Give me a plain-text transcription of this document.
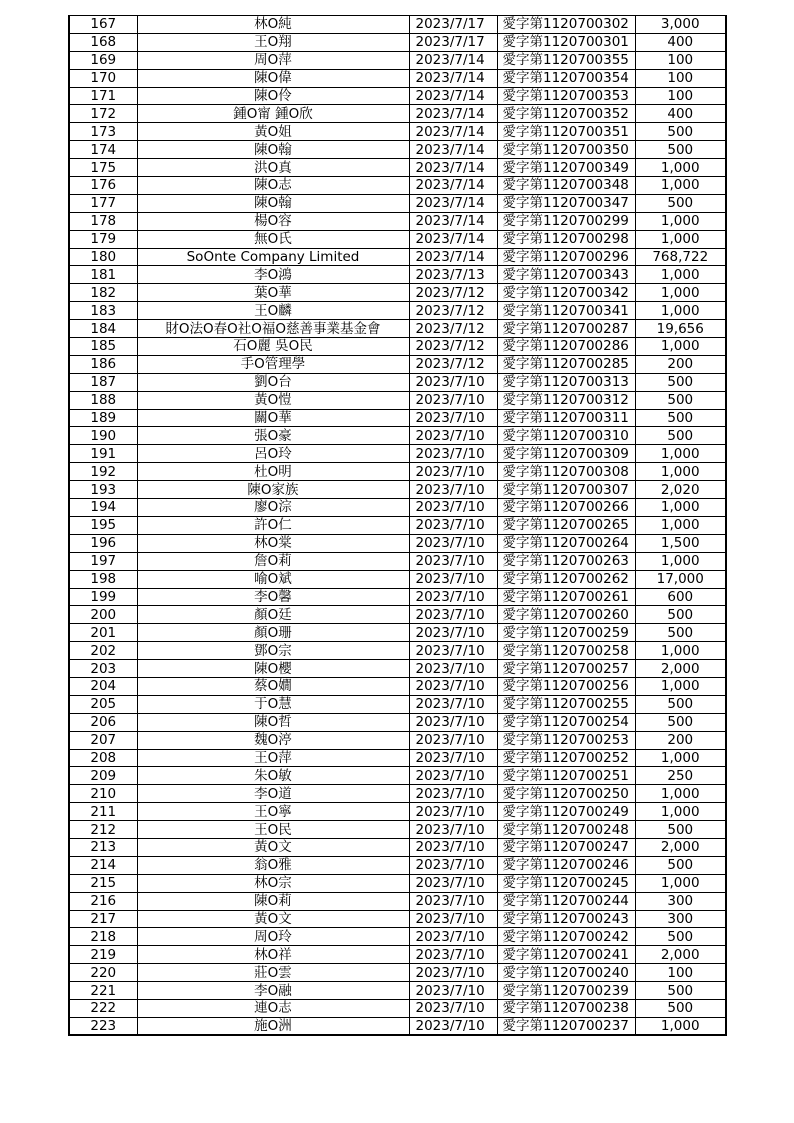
167	林O純	2023/7/17	愛字第1120700302	3,000
168	王O翔	2023/7/17	愛字第1120700301	400
169	周O萍	2023/7/14	愛字第1120700355	100
170	陳O偉	2023/7/14	愛字第1120700354	100
171	陳O伶	2023/7/14	愛字第1120700353	100
172	鍾O甯 鍾O欣	2023/7/14	愛字第1120700352	400
173	黃O姐	2023/7/14	愛字第1120700351	500
174	陳O翰	2023/7/14	愛字第1120700350	500
175	洪O真	2023/7/14	愛字第1120700349	1,000
176	陳O志	2023/7/14	愛字第1120700348	1,000
177	陳O翰	2023/7/14	愛字第1120700347	500
178	楊O容	2023/7/14	愛字第1120700299	1,000
179	無O氏	2023/7/14	愛字第1120700298	1,000
180	SoOnte Company Limited	2023/7/14	愛字第1120700296	768,722
181	李O鴻	2023/7/13	愛字第1120700343	1,000
182	葉O華	2023/7/12	愛字第1120700342	1,000
183	王O麟	2023/7/12	愛字第1120700341	1,000
184	財O法O春O社O福O慈善事業基金會	2023/7/12	愛字第1120700287	19,656
185	石O麗 吳O民	2023/7/12	愛字第1120700286	1,000
186	手O管理學	2023/7/12	愛字第1120700285	200
187	劉O台	2023/7/10	愛字第1120700313	500
188	黃O愷	2023/7/10	愛字第1120700312	500
189	關O華	2023/7/10	愛字第1120700311	500
190	張O豪	2023/7/10	愛字第1120700310	500
191	呂O玲	2023/7/10	愛字第1120700309	1,000
192	杜O明	2023/7/10	愛字第1120700308	1,000
193	陳O家族	2023/7/10	愛字第1120700307	2,020
194	廖O淙	2023/7/10	愛字第1120700266	1,000
195	許O仁	2023/7/10	愛字第1120700265	1,000
196	林O棠	2023/7/10	愛字第1120700264	1,500
197	詹O莉	2023/7/10	愛字第1120700263	1,000
198	喻O斌	2023/7/10	愛字第1120700262	17,000
199	李O馨	2023/7/10	愛字第1120700261	600
200	顏O廷	2023/7/10	愛字第1120700260	500
201	顏O珊	2023/7/10	愛字第1120700259	500
202	鄧O宗	2023/7/10	愛字第1120700258	1,000
203	陳O櫻	2023/7/10	愛字第1120700257	2,000
204	蔡O嫺	2023/7/10	愛字第1120700256	1,000
205	于O慧	2023/7/10	愛字第1120700255	500
206	陳O哲	2023/7/10	愛字第1120700254	500
207	魏O渟	2023/7/10	愛字第1120700253	200
208	王O萍	2023/7/10	愛字第1120700252	1,000
209	朱O敏	2023/7/10	愛字第1120700251	250
210	李O道	2023/7/10	愛字第1120700250	1,000
211	王O寧	2023/7/10	愛字第1120700249	1,000
212	王O民	2023/7/10	愛字第1120700248	500
213	黃O文	2023/7/10	愛字第1120700247	2,000
214	翁O雅	2023/7/10	愛字第1120700246	500
215	林O宗	2023/7/10	愛字第1120700245	1,000
216	陳O莉	2023/7/10	愛字第1120700244	300
217	黃O文	2023/7/10	愛字第1120700243	300
218	周O玲	2023/7/10	愛字第1120700242	500
219	林O祥	2023/7/10	愛字第1120700241	2,000
220	莊O雲	2023/7/10	愛字第1120700240	100
221	李O融	2023/7/10	愛字第1120700239	500
222	連O志	2023/7/10	愛字第1120700238	500
223	施O洲	2023/7/10	愛字第1120700237	1,000
